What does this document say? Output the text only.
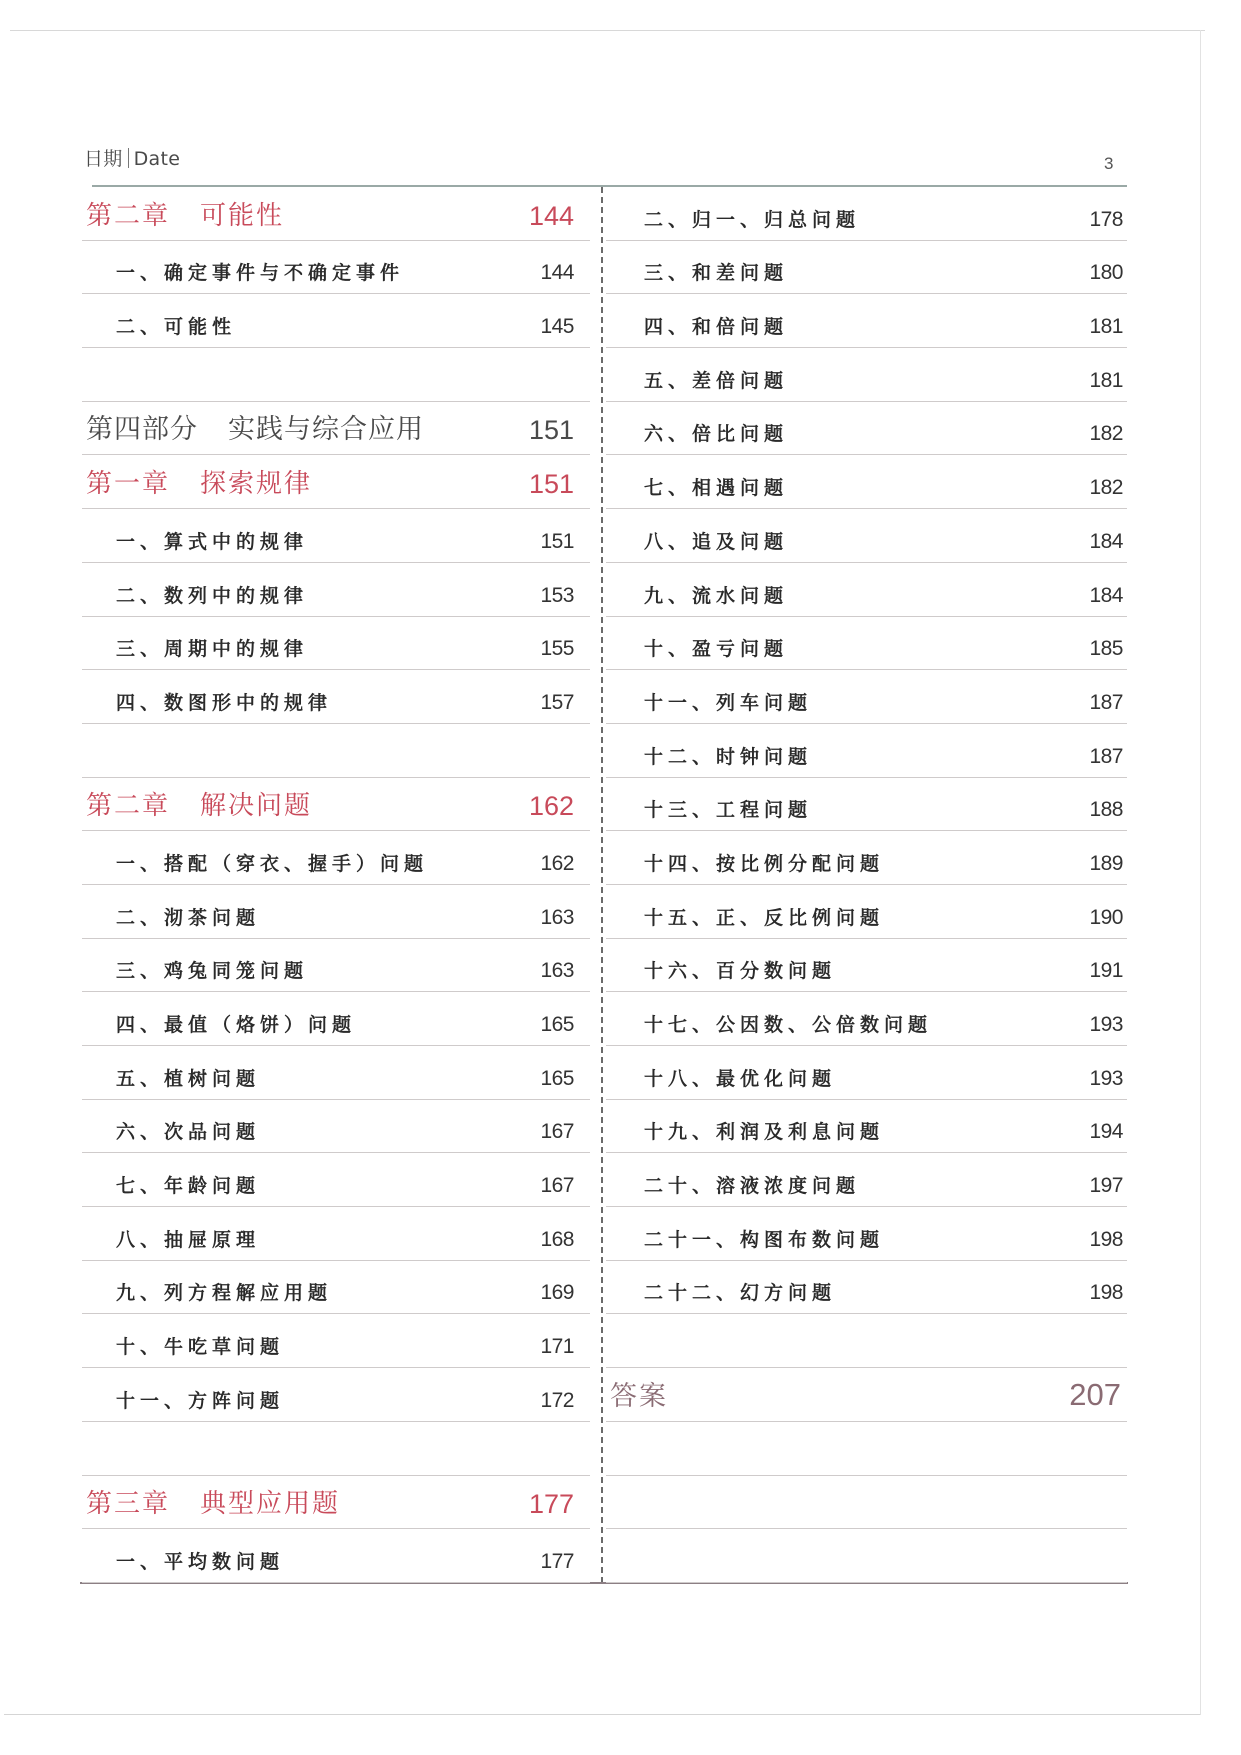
日期 Date	3
第二章 可能性	144
一、确定事件与不确定事件	144
二、可能性	145
第四部分 实践与综合应用	151
第一章 探索规律	151
一、算式中的规律	151
二、数列中的规律	153
三、周期中的规律	155
四、数图形中的规律	157
第二章 解决问题	162
一、搭配（穿衣、握手）问题	162
二、沏茶问题	163
三、鸡兔同笼问题	163
四、最值（烙饼）问题	165
五、植树问题	165
六、次品问题	167
七、年龄问题	167
八、抽屉原理	168
九、列方程解应用题	169
十、牛吃草问题	171
十一、方阵问题	172
第三章 典型应用题	177
一、平均数问题	177
二、归一、归总问题	178
三、和差问题	180
四、和倍问题	181
五、差倍问题	181
六、倍比问题	182
七、相遇问题	182
八、追及问题	184
九、流水问题	184
十、盈亏问题	185
十一、列车问题	187
十二、时钟问题	187
十三、工程问题	188
十四、按比例分配问题	189
十五、正、反比例问题	190
十六、百分数问题	191
十七、公因数、公倍数问题	193
十八、最优化问题	193
十九、利润及利息问题	194
二十、溶液浓度问题	197
二十一、构图布数问题	198
二十二、幻方问题	198
答案	207
